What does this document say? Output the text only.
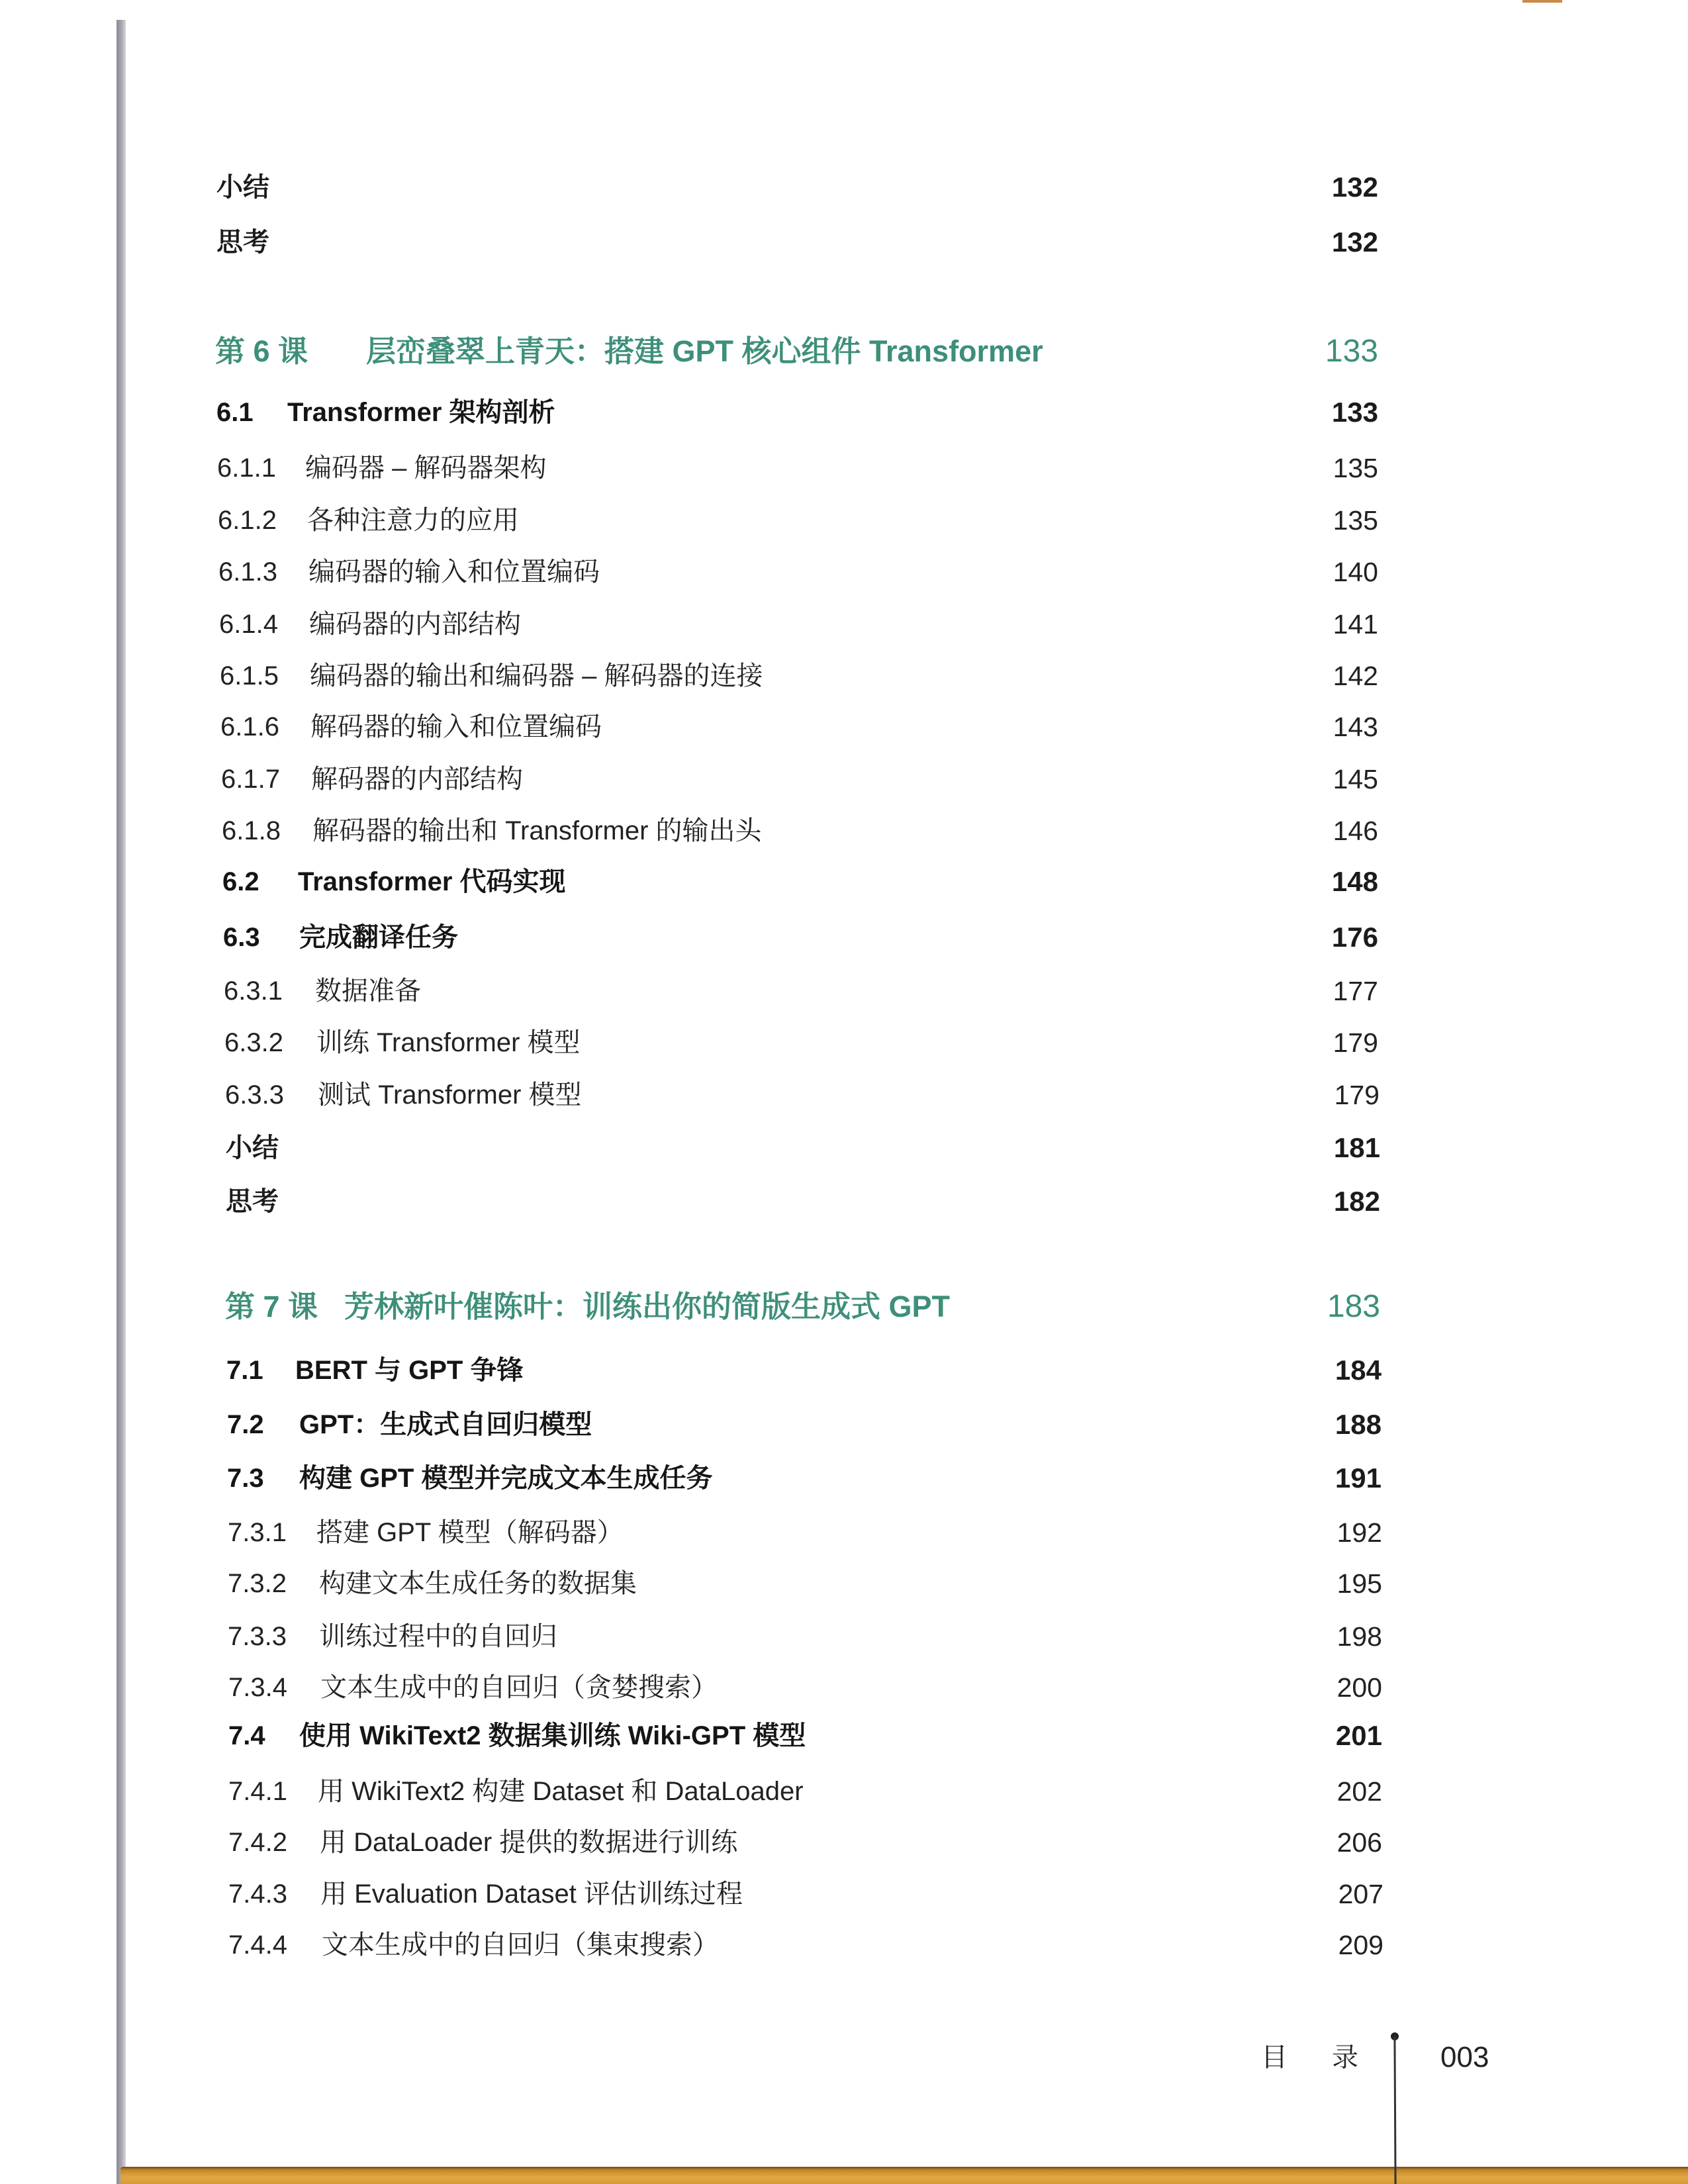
小结	132
思考	132
第 6 课 层峦叠翠上青天：搭建 GPT 核心组件 Transformer	133
6.1 Transformer 架构剖析	133
6.1.1 编码器 – 解码器架构	135
6.1.2 各种注意力的应用	135
6.1.3 编码器的输入和位置编码	140
6.1.4 编码器的内部结构	141
6.1.5 编码器的输出和编码器 – 解码器的连接	142
6.1.6 解码器的输入和位置编码	143
6.1.7 解码器的内部结构	145
6.1.8 解码器的输出和 Transformer 的输出头	146
6.2 Transformer 代码实现	148
6.3 完成翻译任务	176
6.3.1 数据准备	177
6.3.2 训练 Transformer 模型	179
6.3.3 测试 Transformer 模型	179
小结	181
思考	182
第 7 课 芳林新叶催陈叶：训练出你的简版生成式 GPT	183
7.1 BERT 与 GPT 争锋	184
7.2 GPT：生成式自回归模型	188
7.3 构建 GPT 模型并完成文本生成任务	191
7.3.1 搭建 GPT 模型（解码器）	192
7.3.2 构建文本生成任务的数据集	195
7.3.3 训练过程中的自回归	198
7.3.4 文本生成中的自回归（贪婪搜索）	200
7.4 使用 WikiText2 数据集训练 Wiki-GPT 模型	201
7.4.1 用 WikiText2 构建 Dataset 和 DataLoader	202
7.4.2 用 DataLoader 提供的数据进行训练	206
7.4.3 用 Evaluation Dataset 评估训练过程	207
7.4.4 文本生成中的自回归（集束搜索）	209
目 录	003
